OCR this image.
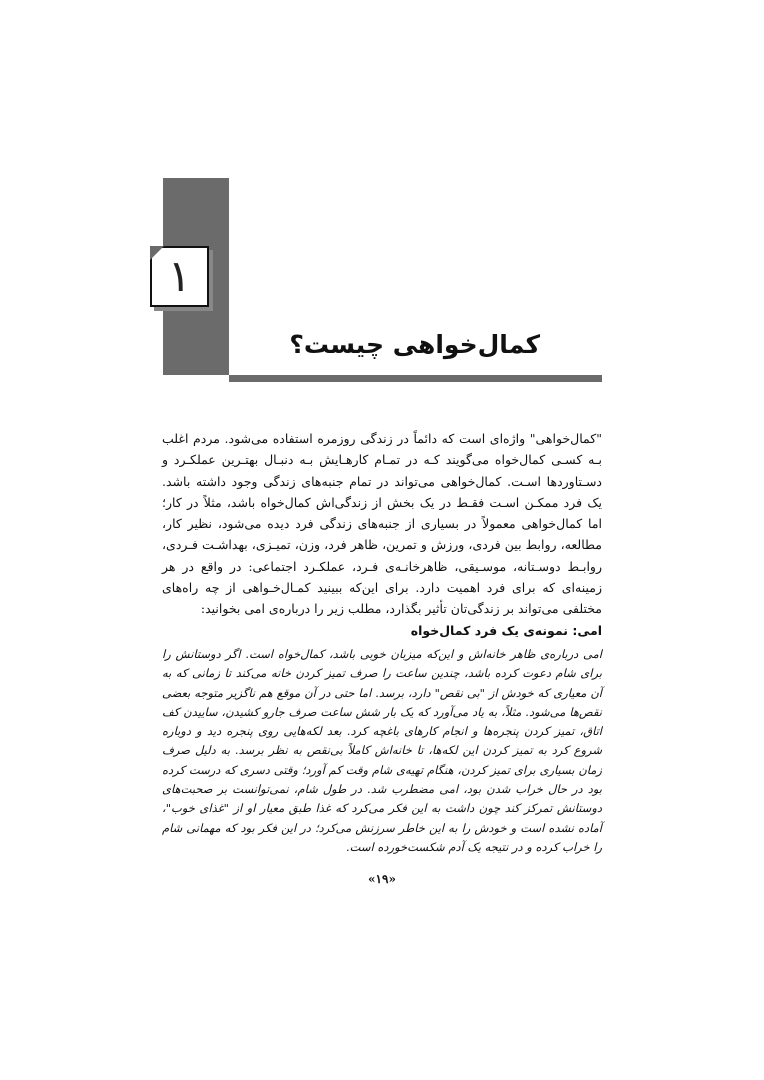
۱
کمال‌خواهی چیست؟

"کمال‌خواهی" واژه‌ای است که دائماً در زندگی روزمره استفاده می‌شود. مردم اغلب بـه کسـی کمال‌خواه می‌گویند کـه در تمـام کارهـایش بـه دنبـال بهتـرین عملکـرد و دسـتاوردها اسـت. کمال‌خواهی می‌تواند در تمام جنبه‌های زندگی وجود داشته باشد. یک فرد ممکـن اسـت فقـط در یک بخش از زندگی‌اش کمال‌خواه باشد، مثلاً در کار؛ اما کمال‌خواهی معمولاً در بسیاری از جنبه‌های زندگی فرد دیده می‌شود، نظیر کار، مطالعه، روابط بین فردی، ورزش و تمرین، ظاهر فرد، وزن، تمیـزی، بهداشـت فـردی، روابـط دوسـتانه، موسـیقی، ظاهرخانـه‌ی فـرد، عملکـرد اجتماعی: در واقع در هر زمینه‌ای که برای فرد اهمیت دارد. برای این‌که ببینید کمـال‌خـواهی از چه راه‌های مختلفی می‌تواند بر زندگی‌تان تأثیر بگذارد، مطلب زیر را درباره‌ی امی بخوانید:

امی: نمونه‌ی یک فرد کمال‌خواه

امی درباره‌ی ظاهر خانه‌اش و این‌که میزبان خوبی باشد، کمال‌خواه است. اگر دوستانش را برای شام دعوت کرده باشد، چندین ساعت را صرف تمیز کردن خانه می‌کند تا زمانی که به آن معیاری که خودش از "بی نقص" دارد، برسد. اما حتی در آن موقع هم ناگزیر متوجه بعضی نقص‌ها می‌شود. مثلاً، به یاد می‌آورد که یک بار شش ساعت صرف جارو کشیدن، ساییدن کف اتاق، تمیز کردن پنجره‌ها و انجام کارهای باغچه کرد. بعد لکه‌هایی روی پنجره دید و دوباره شروع کرد به تمیز کردن این لکه‌ها، تا خانه‌اش کاملاً بی‌نقص به نظر برسد. به دلیل صرف زمان بسیاری برای تمیز کردن، هنگام تهیه‌ی شام وقت کم آورد؛ وقتی دسری که درست کرده بود در حال خراب شدن بود، امی مضطرب شد. در طول شام، نمی‌توانست بر صحبت‌های دوستانش تمرکز کند چون داشت به این فکر می‌کرد که غذا طبق معیار او از "غذای خوب"، آماده نشده است و خودش را به این خاطر سرزنش می‌کرد؛ در این فکر بود که مهمانی شام را خراب کرده و در نتیجه یک آدم شکست‌خورده است.

«۱۹»
